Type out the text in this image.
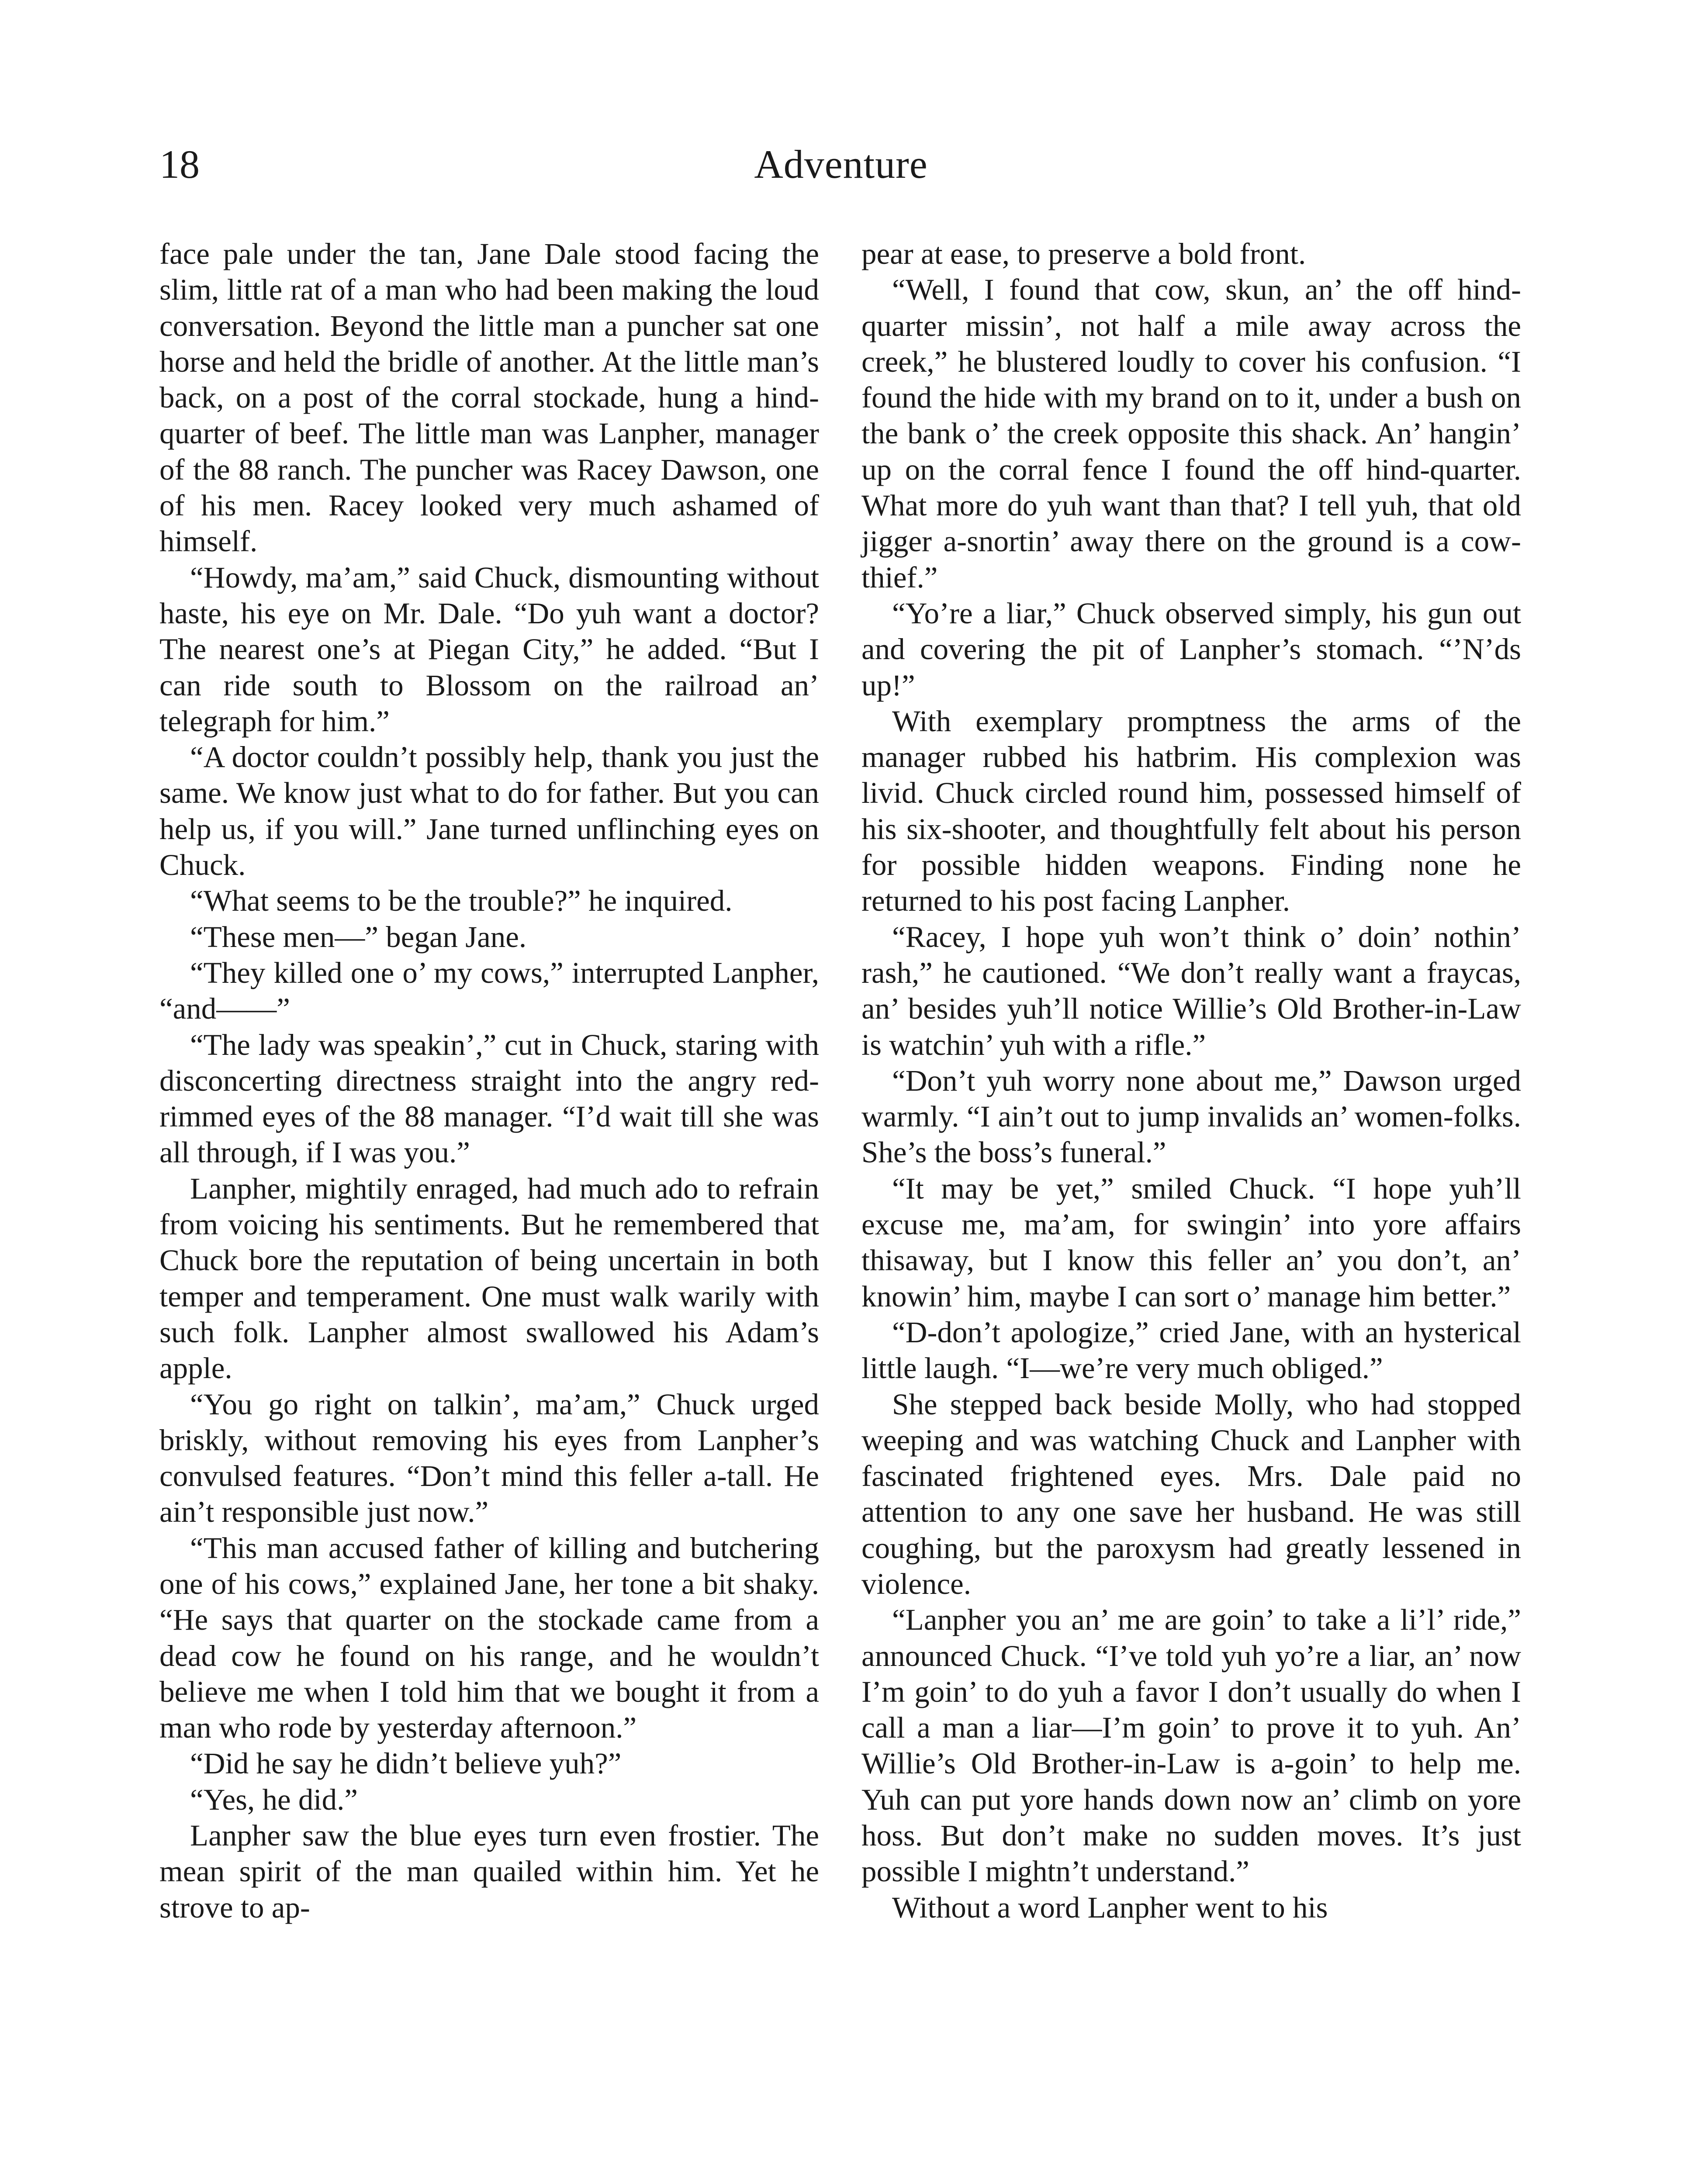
18	Adventure

face pale under the tan, Jane Dale stood facing the slim, little rat of a man who had been making the loud conversation. Beyond the little man a puncher sat one horse and held the bridle of another. At the little man’s back, on a post of the corral stockade, hung a hind-quarter of beef. The little man was Lanpher, manager of the 88 ranch. The puncher was Racey Dawson, one of his men. Racey looked very much ashamed of himself.

“Howdy, ma’am,” said Chuck, dismounting without haste, his eye on Mr. Dale. “Do yuh want a doctor? The nearest one’s at Piegan City,” he added. “But I can ride south to Blossom on the railroad an’ telegraph for him.”

“A doctor couldn’t possibly help, thank you just the same. We know just what to do for father. But you can help us, if you will.” Jane turned unflinching eyes on Chuck.

“What seems to be the trouble?” he inquired.

“These men—” began Jane.

“They killed one o’ my cows,” interrupted Lanpher, “and——”

“The lady was speakin’,” cut in Chuck, staring with disconcerting directness straight into the angry red-rimmed eyes of the 88 manager. “I’d wait till she was all through, if I was you.”

Lanpher, mightily enraged, had much ado to refrain from voicing his sentiments. But he remembered that Chuck bore the reputation of being uncertain in both temper and temperament. One must walk warily with such folk. Lanpher almost swallowed his Adam’s apple.

“You go right on talkin’, ma’am,” Chuck urged briskly, without removing his eyes from Lanpher’s convulsed features. “Don’t mind this feller a-tall. He ain’t responsible just now.”

“This man accused father of killing and butchering one of his cows,” explained Jane, her tone a bit shaky. “He says that quarter on the stockade came from a dead cow he found on his range, and he wouldn’t believe me when I told him that we bought it from a man who rode by yesterday afternoon.”

“Did he say he didn’t believe yuh?”

“Yes, he did.”

Lanpher saw the blue eyes turn even frostier. The mean spirit of the man quailed within him. Yet he strove to ap-

pear at ease, to preserve a bold front.

“Well, I found that cow, skun, an’ the off hind-quarter missin’, not half a mile away across the creek,” he blustered loudly to cover his confusion. “I found the hide with my brand on to it, under a bush on the bank o’ the creek opposite this shack. An’ hangin’ up on the corral fence I found the off hind-quarter. What more do yuh want than that? I tell yuh, that old jigger a-snortin’ away there on the ground is a cow-thief.”

“Yo’re a liar,” Chuck observed simply, his gun out and covering the pit of Lanpher’s stomach. “’N’ds up!”

With exemplary promptness the arms of the manager rubbed his hatbrim. His complexion was livid. Chuck circled round him, possessed himself of his six-shooter, and thoughtfully felt about his person for possible hidden weapons. Finding none he returned to his post facing Lanpher.

“Racey, I hope yuh won’t think o’ doin’ nothin’ rash,” he cautioned. “We don’t really want a fraycas, an’ besides yuh’ll notice Willie’s Old Brother-in-Law is watchin’ yuh with a rifle.”

“Don’t yuh worry none about me,” Dawson urged warmly. “I ain’t out to jump invalids an’ women-folks. She’s the boss’s funeral.”

“It may be yet,” smiled Chuck. “I hope yuh’ll excuse me, ma’am, for swingin’ into yore affairs thisaway, but I know this feller an’ you don’t, an’ knowin’ him, maybe I can sort o’ manage him better.”

“D-don’t apologize,” cried Jane, with an hysterical little laugh. “I—we’re very much obliged.”

She stepped back beside Molly, who had stopped weeping and was watching Chuck and Lanpher with fascinated frightened eyes. Mrs. Dale paid no attention to any one save her husband. He was still coughing, but the paroxysm had greatly lessened in violence.

“Lanpher you an’ me are goin’ to take a li’l’ ride,” announced Chuck. “I’ve told yuh yo’re a liar, an’ now I’m goin’ to do yuh a favor I don’t usually do when I call a man a liar—I’m goin’ to prove it to yuh. An’ Willie’s Old Brother-in-Law is a-goin’ to help me. Yuh can put yore hands down now an’ climb on yore hoss. But don’t make no sudden moves. It’s just possible I mightn’t understand.”

Without a word Lanpher went to his
